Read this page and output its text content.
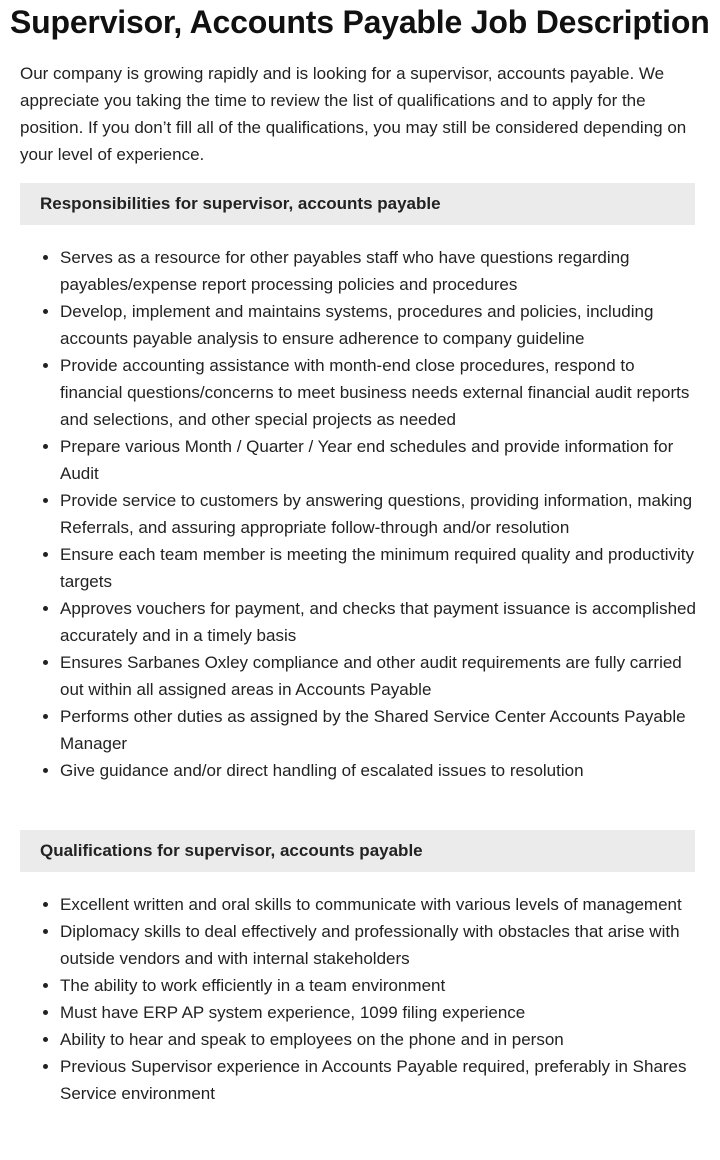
Supervisor, Accounts Payable Job Description

Our company is growing rapidly and is looking for a supervisor, accounts payable. We appreciate you taking the time to review the list of qualifications and to apply for the position. If you don’t fill all of the qualifications, you may still be considered depending on your level of experience.

Responsibilities for supervisor, accounts payable
• Serves as a resource for other payables staff who have questions regarding payables/expense report processing policies and procedures
• Develop, implement and maintains systems, procedures and policies, including accounts payable analysis to ensure adherence to company guideline
• Provide accounting assistance with month-end close procedures, respond to financial questions/concerns to meet business needs external financial audit reports and selections, and other special projects as needed
• Prepare various Month / Quarter / Year end schedules and provide information for Audit
• Provide service to customers by answering questions, providing information, making Referrals, and assuring appropriate follow-through and/or resolution
• Ensure each team member is meeting the minimum required quality and productivity targets
• Approves vouchers for payment, and checks that payment issuance is accomplished accurately and in a timely basis
• Ensures Sarbanes Oxley compliance and other audit requirements are fully carried out within all assigned areas in Accounts Payable
• Performs other duties as assigned by the Shared Service Center Accounts Payable Manager
• Give guidance and/or direct handling of escalated issues to resolution
Qualifications for supervisor, accounts payable
• Excellent written and oral skills to communicate with various levels of management
• Diplomacy skills to deal effectively and professionally with obstacles that arise with outside vendors and with internal stakeholders
• The ability to work efficiently in a team environment
• Must have ERP AP system experience, 1099 filing experience
• Ability to hear and speak to employees on the phone and in person
• Previous Supervisor experience in Accounts Payable required, preferably in Shares Service environment
